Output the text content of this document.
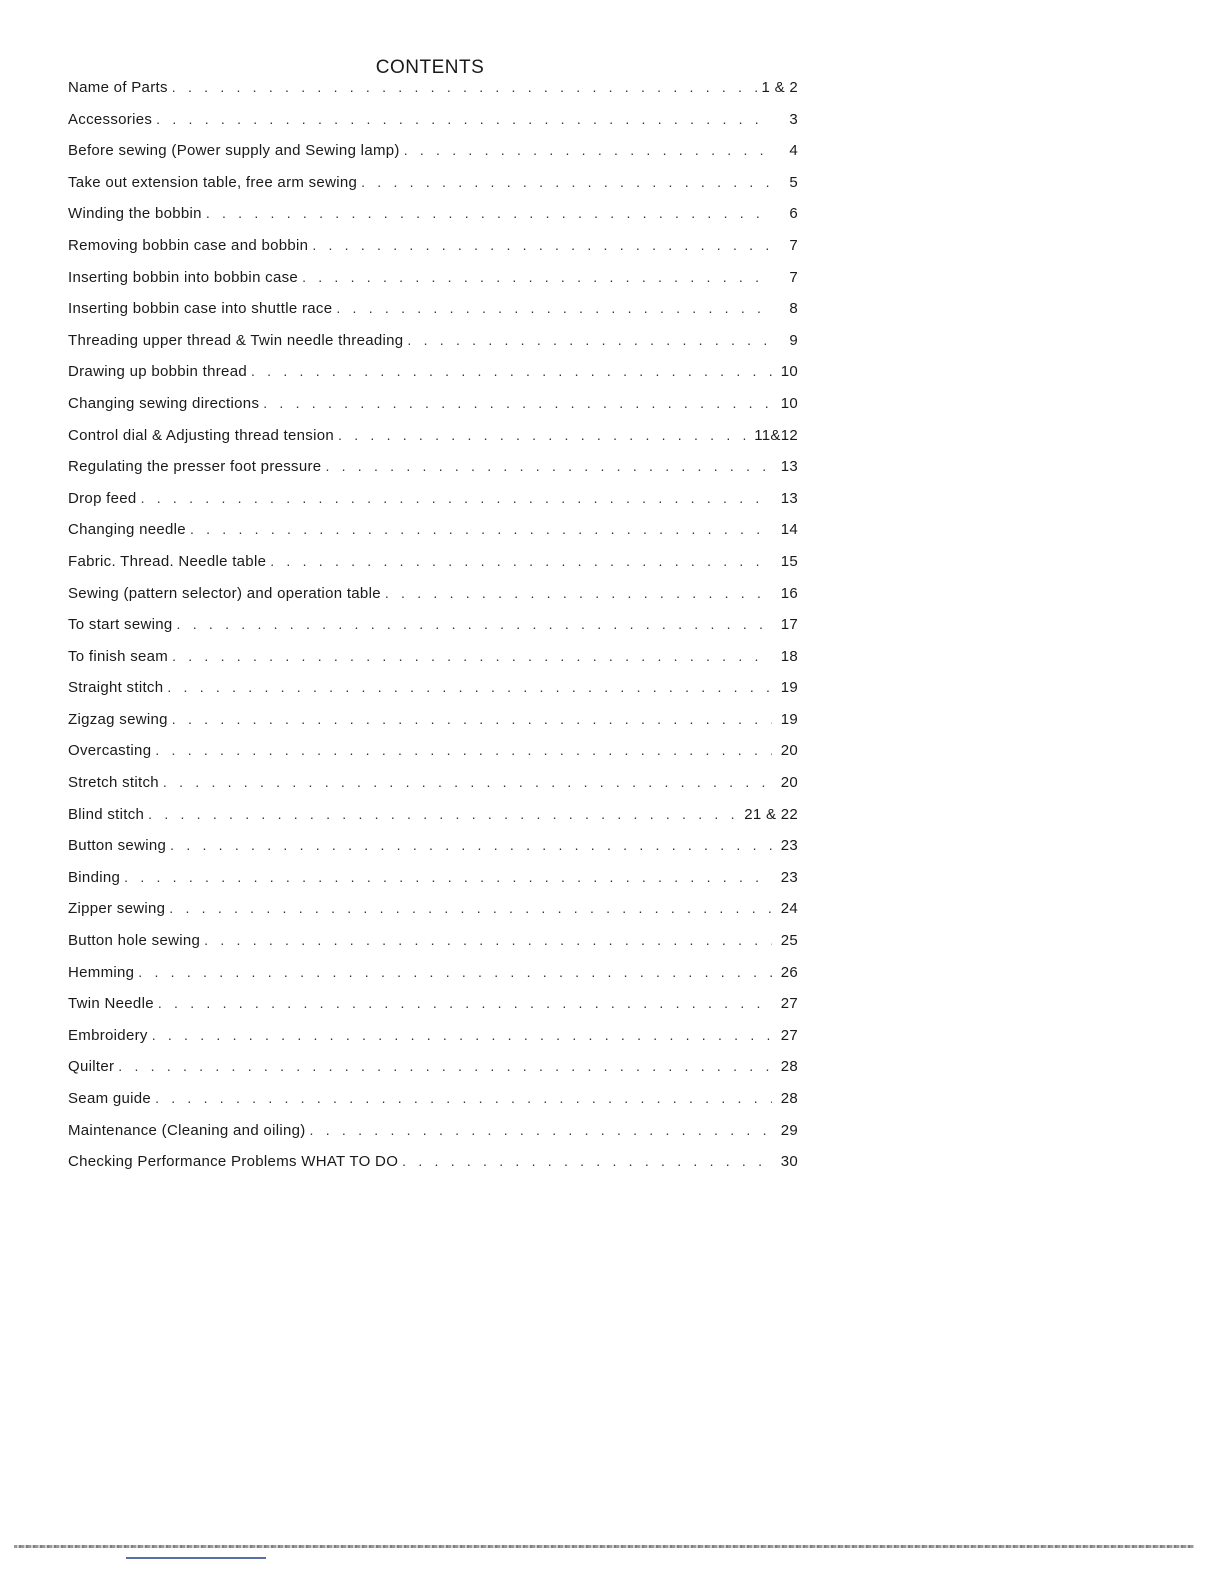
CONTENTS
Name of Parts . . .	1 & 2
Accessories . . .	3
Before sewing (Power supply and Sewing lamp) . . .	4
Take out extension table, free arm sewing . . .	5
Winding the bobbin . . .	6
Removing bobbin case and bobbin . . .	7
Inserting bobbin into bobbin case . . .	7
Inserting bobbin case into shuttle race . . .	8
Threading upper thread & Twin needle threading . . .	9
Drawing up bobbin thread . . .	10
Changing sewing directions . . .	10
Control dial & Adjusting thread tension . . .	11&12
Regulating the presser foot pressure . . .	13
Drop feed . . .	13
Changing needle . . .	14
Fabric. Thread. Needle table . . .	15
Sewing (pattern selector) and operation table . . .	16
To start sewing . . .	17
To finish seam . . .	18
Straight stitch . . .	19
Zigzag sewing . . .	19
Overcasting . . .	20
Stretch stitch . . .	20
Blind stitch . . .	21 & 22
Button sewing . . .	23
Binding . . .	23
Zipper sewing . . .	24
Button hole sewing . . .	25
Hemming . . .	26
Twin Needle . . .	27
Embroidery . . .	27
Quilter . . .	28
Seam guide . . .	28
Maintenance (Cleaning and oiling) . . .	29
Checking Performance Problems WHAT TO DO . . .	30
